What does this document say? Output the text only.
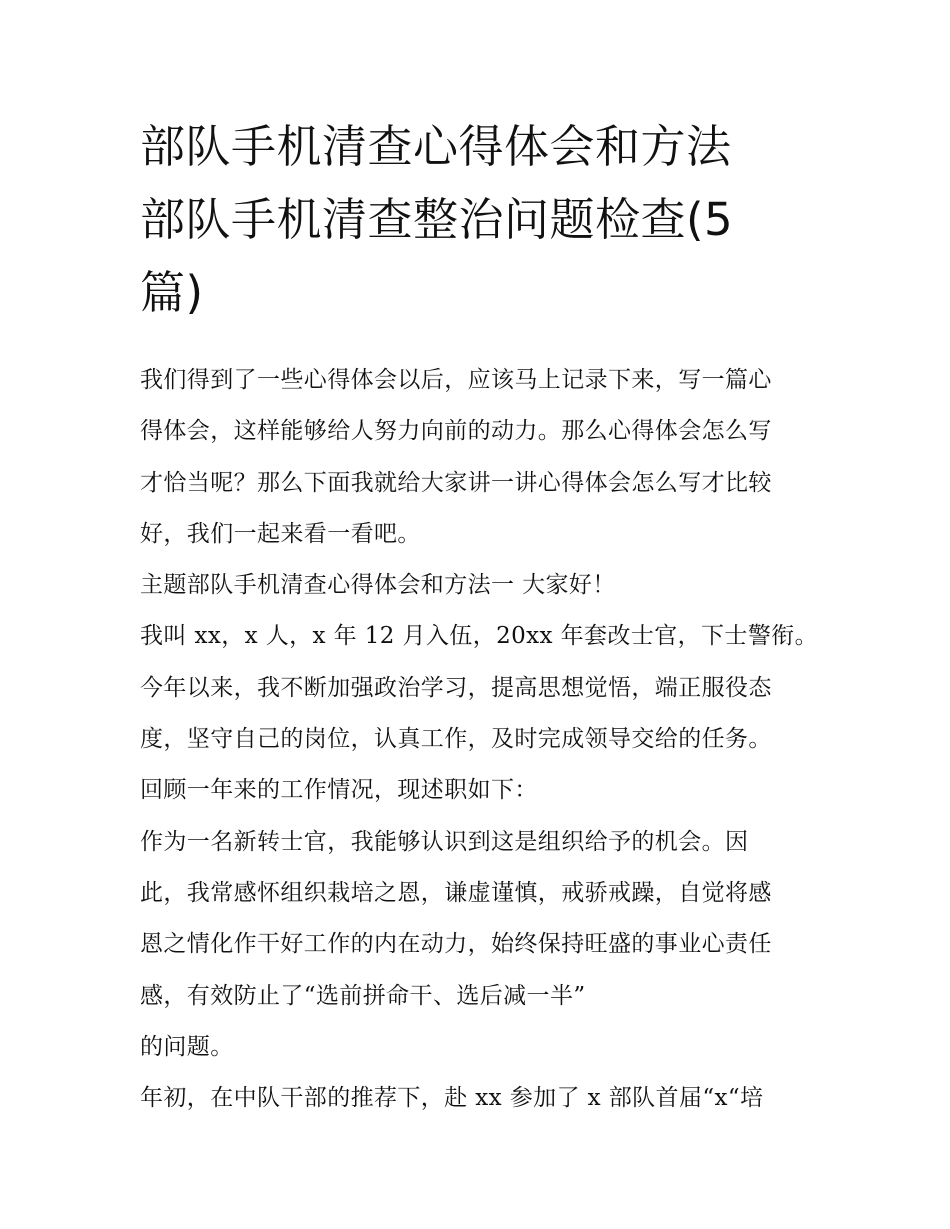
部队手机清查心得体会和方法
部队手机清查整治问题检查(5
篇)

我们得到了一些心得体会以后，应该马上记录下来，写一篇心

得体会，这样能够给人努力向前的动力。那么心得体会怎么写

才恰当呢？那么下面我就给大家讲一讲心得体会怎么写才比较

好，我们一起来看一看吧。

主题部队手机清查心得体会和方法一 大家好！

我叫 xx，x 人，x 年 12 月入伍，20xx 年套改士官，下士警衔。

今年以来，我不断加强政治学习，提高思想觉悟，端正服役态

度，坚守自己的岗位，认真工作，及时完成领导交给的任务。

回顾一年来的工作情况，现述职如下：

作为一名新转士官，我能够认识到这是组织给予的机会。因

此，我常感怀组织栽培之恩，谦虚谨慎，戒骄戒躁，自觉将感

恩之情化作干好工作的内在动力，始终保持旺盛的事业心责任

感，有效防止了“选前拼命干、选后减一半”

的问题。

年初，在中队干部的推荐下，赴 xx 参加了 x 部队首届“x“培
